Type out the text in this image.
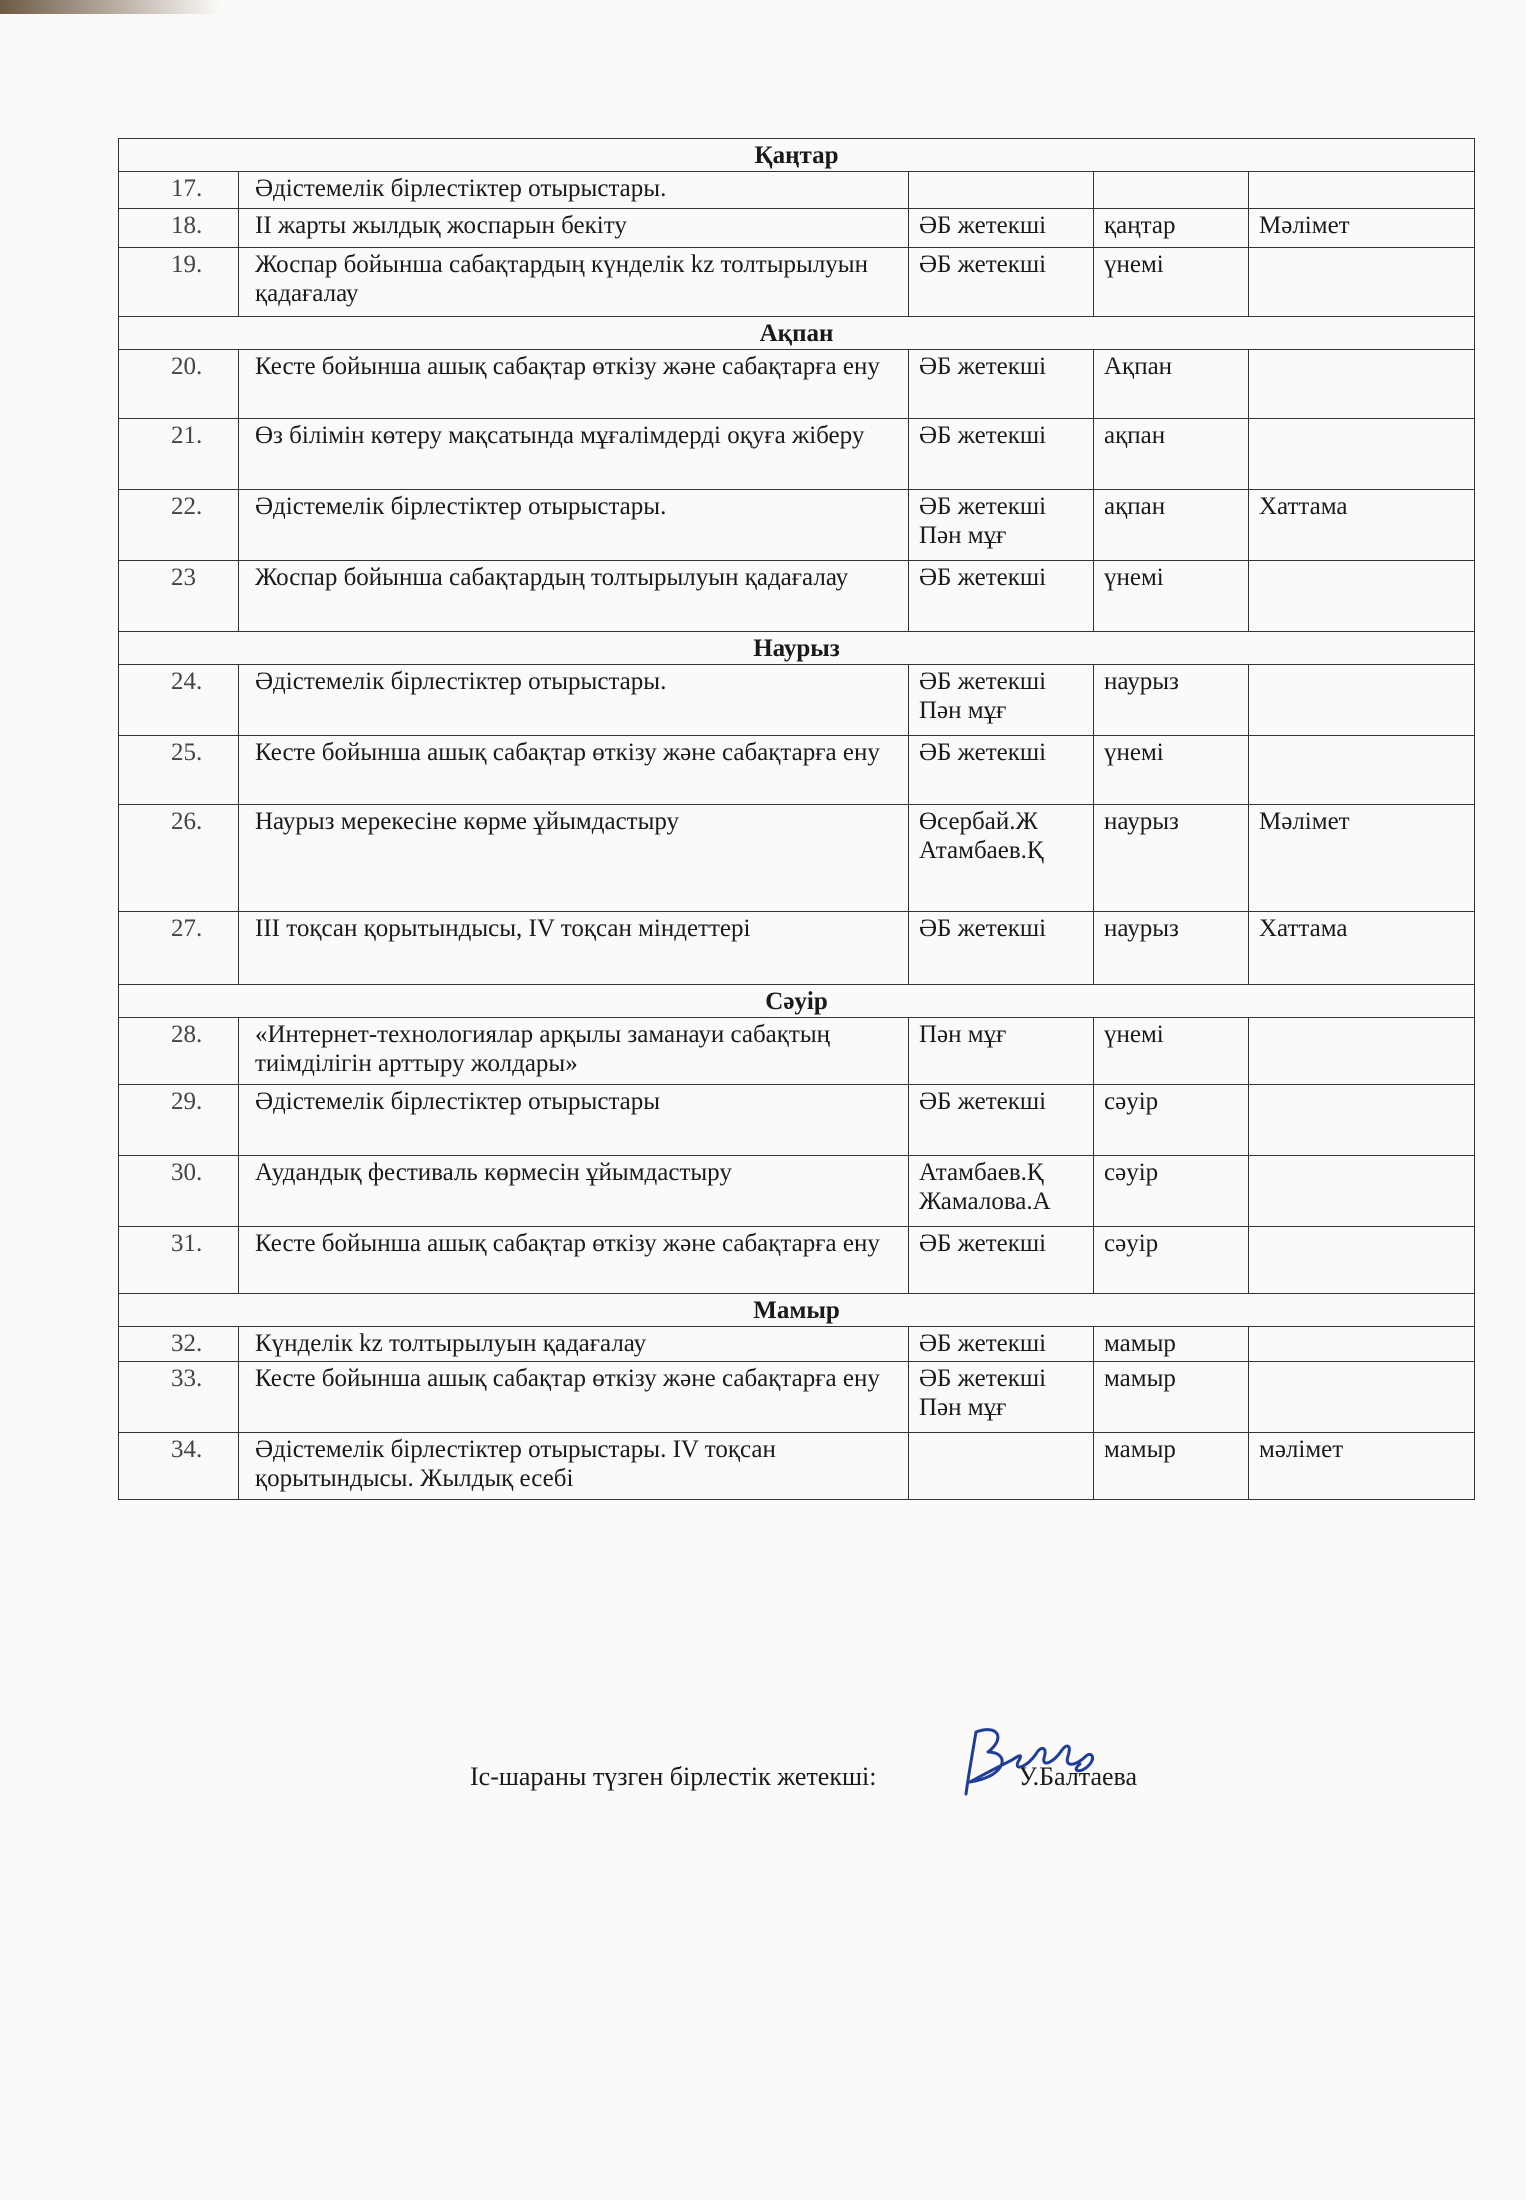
Қаңтар				
17.	Әдістемелік бірлестіктер отырыстары.			
18.	ІІ жарты жылдық жоспарын бекіту	ӘБ жетекші	қаңтар	Мәлімет
19.	Жоспар бойынша сабақтардың күнделік kz толтырылуын қадағалау	ӘБ жетекші	үнемі	
Ақпан				
20.	Кесте бойынша ашық сабақтар өткізу және сабақтарға ену	ӘБ жетекші	Ақпан	
21.	Өз білімін көтеру мақсатында мұғалімдерді оқуға жіберу	ӘБ жетекші	ақпан	
22.	Әдістемелік бірлестіктер отырыстары.	ӘБ жетекші Пән мұғ	ақпан	Хаттама
23	Жоспар бойынша сабақтардың толтырылуын қадағалау	ӘБ жетекші	үнемі	
Наурыз				
24.	Әдістемелік бірлестіктер отырыстары.	ӘБ жетекші Пән мұғ	наурыз	
25.	Кесте бойынша ашық сабақтар өткізу және сабақтарға ену	ӘБ жетекші	үнемі	
26.	Наурыз мерекесіне көрме ұйымдастыру	Өсербай.Ж Атамбаев.Қ	наурыз	Мәлімет
27.	ІІІ тоқсан қорытындысы, ІV тоқсан міндеттері	ӘБ жетекші	наурыз	Хаттама
Сәуір				
28.	«Интернет-технологиялар арқылы заманауи сабақтың тиімділігін арттыру жолдары»	Пән мұғ	үнемі	
29.	Әдістемелік бірлестіктер отырыстары	ӘБ жетекші	сәуір	
30.	Аудандық фестиваль көрмесін ұйымдастыру	Атамбаев.Қ Жамалова.А	сәуір	
31.	Кесте бойынша ашық сабақтар өткізу және сабақтарға ену	ӘБ жетекші	сәуір	
Мамыр				
32.	Күнделік kz толтырылуын қадағалау	ӘБ жетекші	мамыр	
33.	Кесте бойынша ашық сабақтар өткізу және сабақтарға ену	ӘБ жетекші Пән мұғ	мамыр	
34.	Әдістемелік бірлестіктер отырыстары. ІV тоқсан қорытындысы. Жылдық есебі		мамыр	мәлімет
Іс-шараны түзген бірлестік жетекші:	У.Балтаева
